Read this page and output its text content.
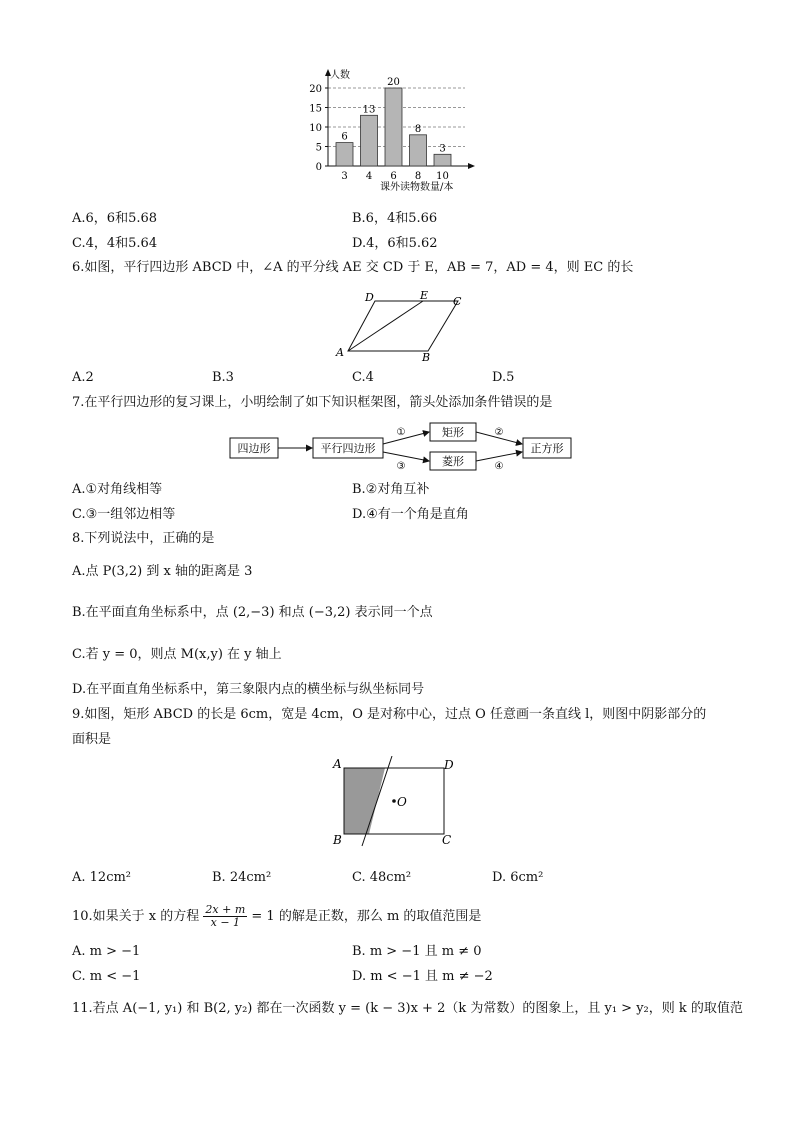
0
5
10
15
20
人数
课外读物数量/本
6
3
13
4
20
6
8
8
3
10
A.6，6和5.68	B.6，4和5.66
C.4，4和5.64	D.4，6和5.62
6.如图，平行四边形 ABCD 中，∠A 的平分线 AE 交 CD 于 E，AB = 7，AD = 4，则 EC 的长
A	B
C
D	E
A.2	B.3	C.4	D.5
7.在平行四边形的复习课上，小明绘制了如下知识框架图，箭头处添加条件错误的是
四边形	平行四边形
矩形
菱形
正方形
①
③
②
④
A.①对角线相等	B.②对角互补
C.③一组邻边相等	D.④有一个角是直角
8.下列说法中，正确的是
A.点 P(3,2) 到 x 轴的距离是 3
B.在平面直角坐标系中，点 (2,−3) 和点 (−3,2) 表示同一个点
C.若 y = 0，则点 M(x,y) 在 y 轴上
D.在平面直角坐标系中，第三象限内点的横坐标与纵坐标同号
9.如图，矩形 ABCD 的长是 6cm，宽是 4cm，O 是对称中心，过点 O 任意画一条直线 l，则图中阴影部分的
面积是
A
B	C
D
O
A. 12cm²	B. 24cm²	C. 48cm²	D. 6cm²
10.如果关于 x 的方程 $\frac{2x + m}{x - 1} = 1$ 的解是正数，那么 m 的取值范围是
A. m > −1	B. m > −1 且 m ≠ 0
C. m < −1	D. m < −1 且 m ≠ −2
11.若点 A(−1, y₁) 和 B(2, y₂) 都在一次函数 y = (k − 3)x + 2（k 为常数）的图象上，且 y₁ > y₂，则 k 的取值范
